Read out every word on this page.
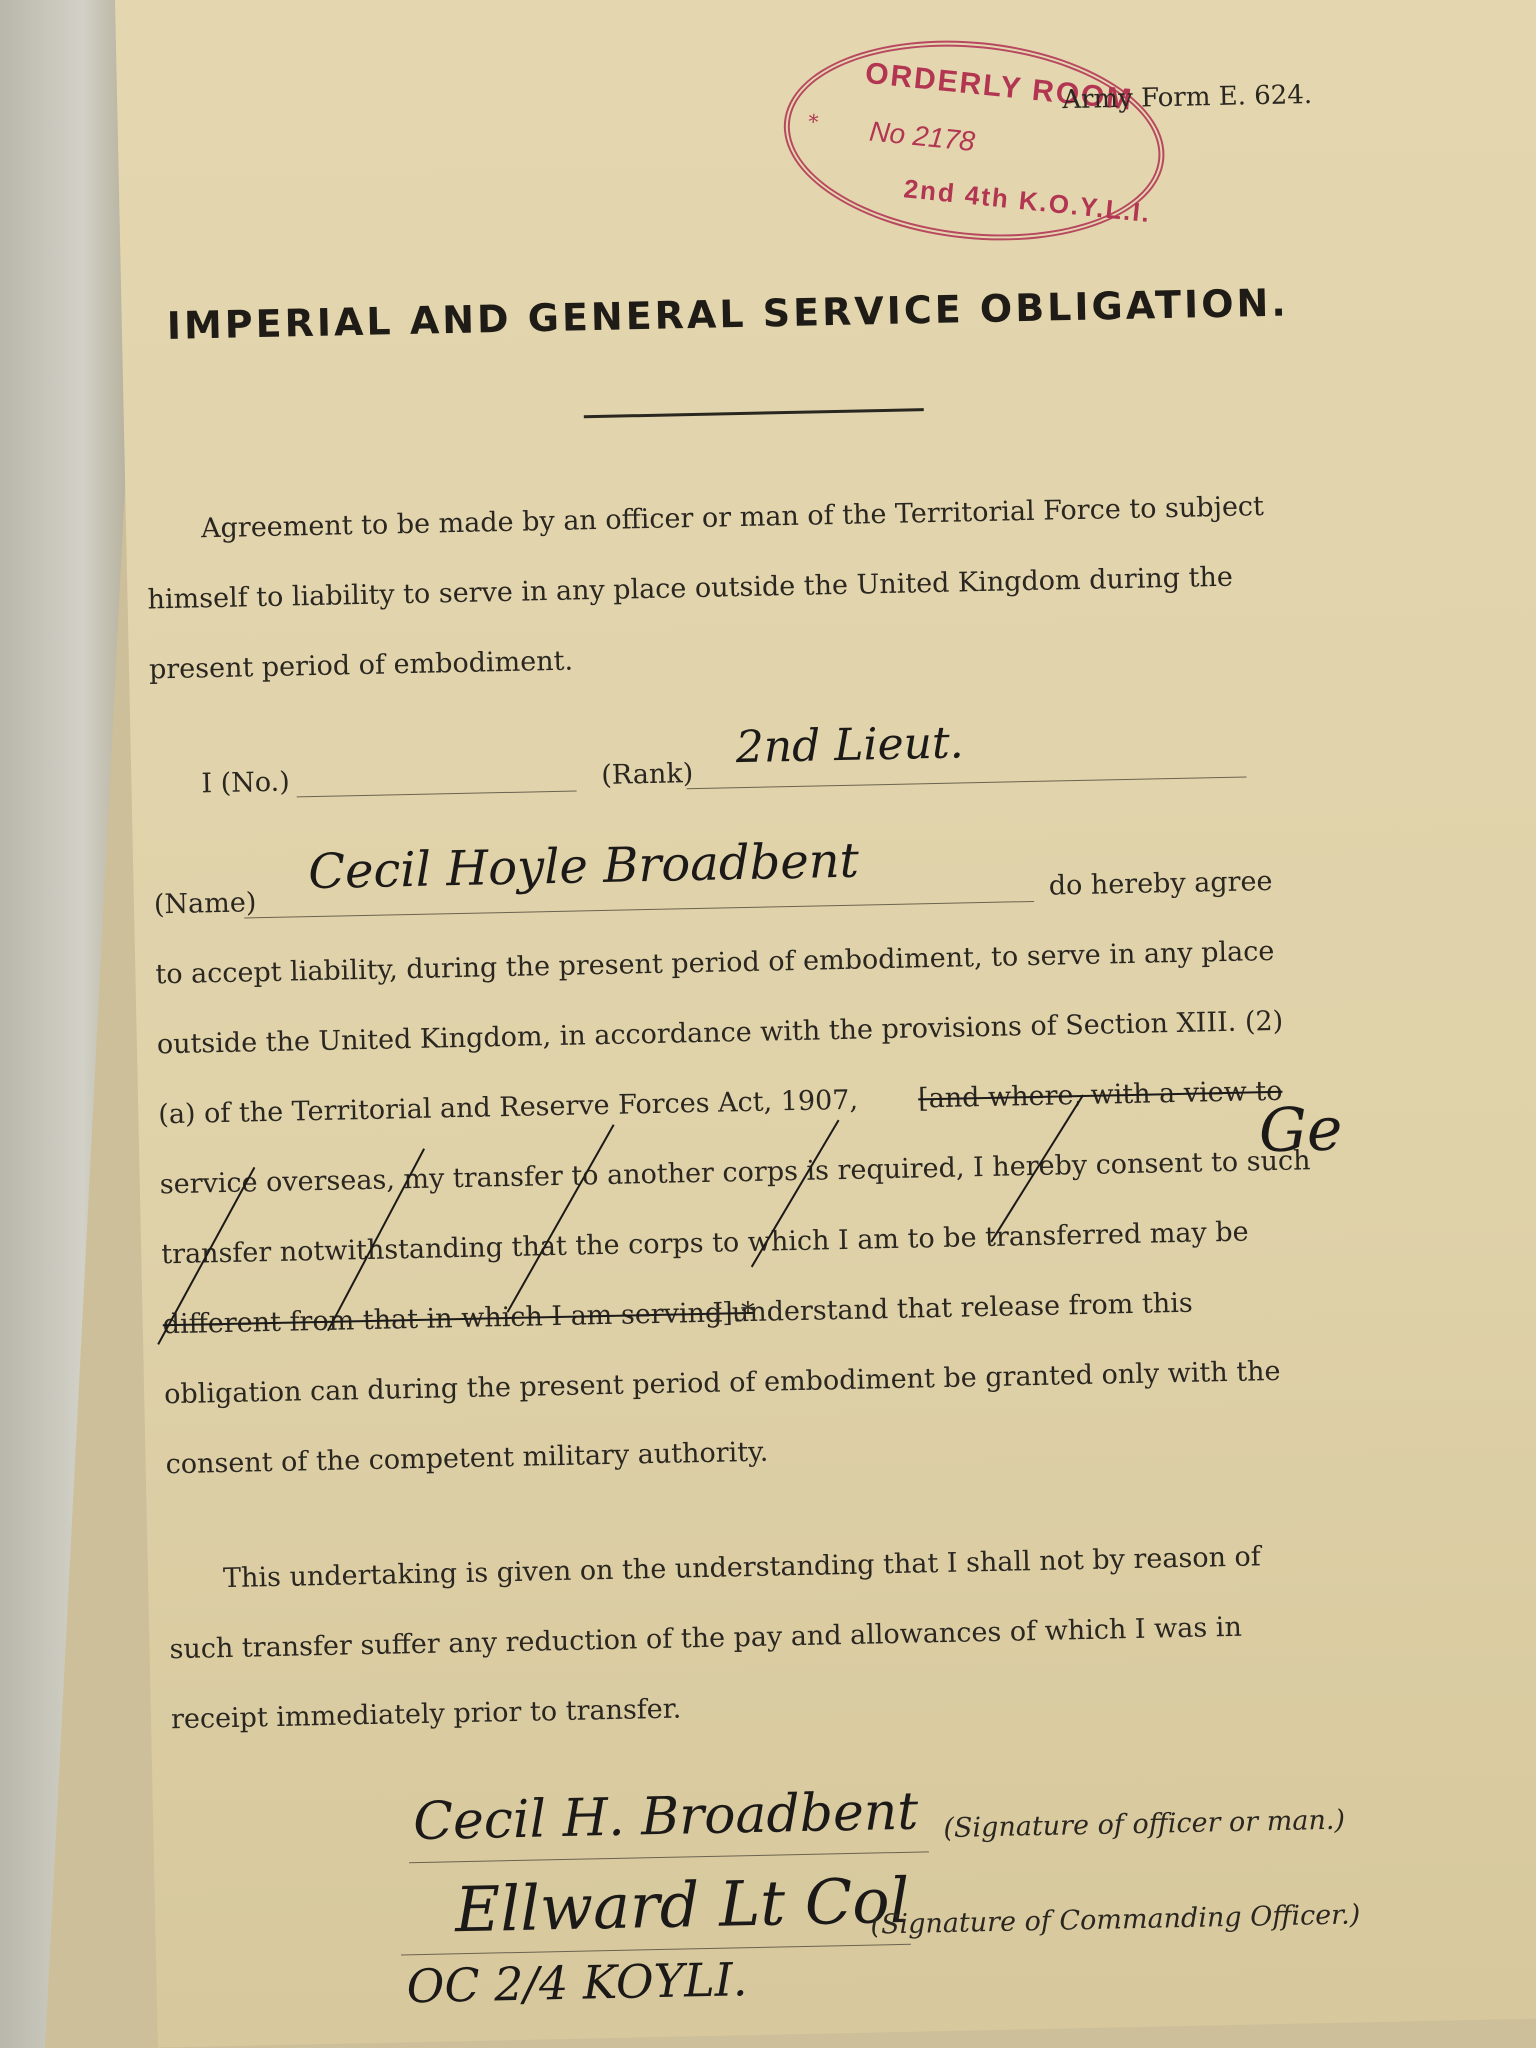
ORDERLY ROOM
* No 2178
2nd 4th K.O.Y.L.I.
Army Form E. 624.
IMPERIAL AND GENERAL SERVICE OBLIGATION.
Agreement to be made by an officer or man of the Territorial Force to subject
himself to liability to serve in any place outside the United Kingdom during the
present period of embodiment.
I (No.)	(Rank)
2nd Lieut.
(Name)
Cecil Hoyle Broadbent	do hereby agree
to accept liability, during the present period of embodiment, to serve in any place
outside the United Kingdom, in accordance with the provisions of Section XIII. (2)
(a) of the Territorial and Reserve Forces Act, 1907, [and where, with a view to
service overseas, my transfer to another corps is required, I hereby consent to such
transfer notwithstanding that the corps to which I am to be transferred may be
different from that in which I am serving].*
I understand that release from this
obligation can during the present period of embodiment be granted only with the
consent of the competent military authority.
Ge
This undertaking is given on the understanding that I shall not by reason of
such transfer suffer any reduction of the pay and allowances of which I was in
receipt immediately prior to transfer.
Cecil H. Broadbent (Signature of officer or man.)
Ellward Lt Col
(Signature of Commanding Officer.)
OC 2/4 KOYLI.
